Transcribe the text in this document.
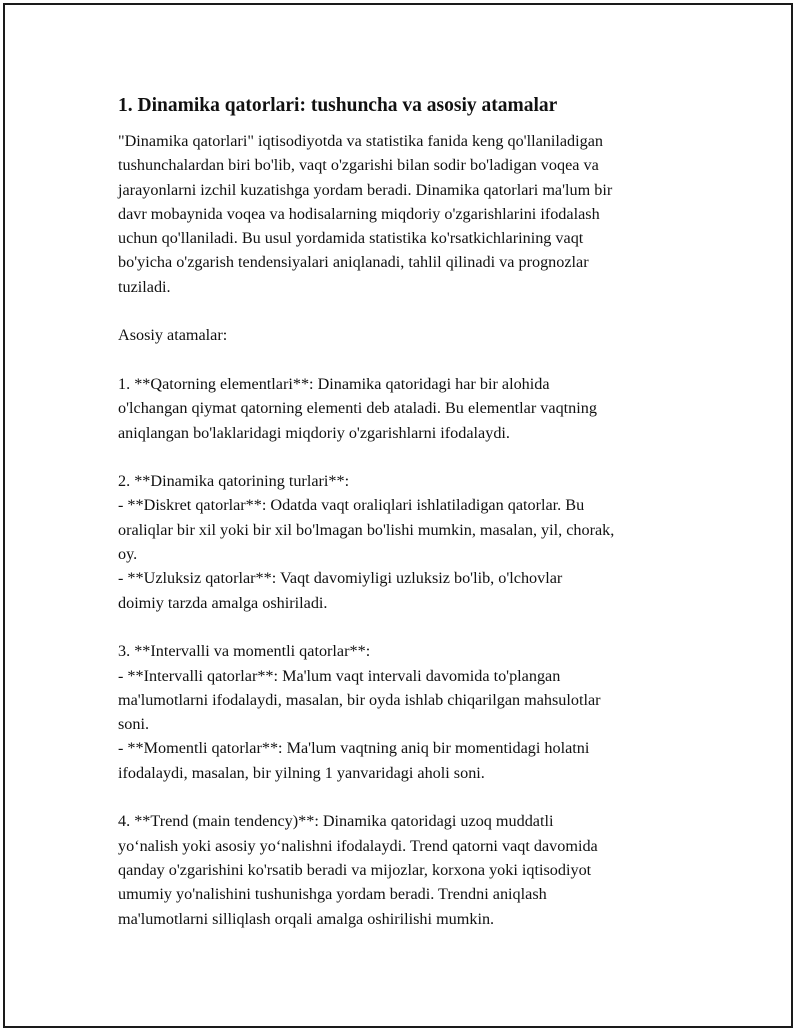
1. Dinamika qatorlari: tushuncha va asosiy atamalar

"Dinamika qatorlari" iqtisodiyotda va statistika fanida keng qo'llaniladigan
tushunchalardan biri bo'lib, vaqt o'zgarishi bilan sodir bo'ladigan voqea va
jarayonlarni izchil kuzatishga yordam beradi. Dinamika qatorlari ma'lum bir
davr mobaynida voqea va hodisalarning miqdoriy o'zgarishlarini ifodalash
uchun qo'llaniladi. Bu usul yordamida statistika ko'rsatkichlarining vaqt
bo'yicha o'zgarish tendensiyalari aniqlanadi, tahlil qilinadi va prognozlar
tuziladi.

Asosiy atamalar:

1. **Qatorning elementlari**: Dinamika qatoridagi har bir alohida
o'lchangan qiymat qatorning elementi deb ataladi. Bu elementlar vaqtning
aniqlangan bo'laklaridagi miqdoriy o'zgarishlarni ifodalaydi.

2. **Dinamika qatorining turlari**:
- **Diskret qatorlar**: Odatda vaqt oraliqlari ishlatiladigan qatorlar. Bu
oraliqlar bir xil yoki bir xil bo'lmagan bo'lishi mumkin, masalan, yil, chorak,
oy.
- **Uzluksiz qatorlar**: Vaqt davomiyligi uzluksiz bo'lib, o'lchovlar
doimiy tarzda amalga oshiriladi.

3. **Intervalli va momentli qatorlar**:
- **Intervalli qatorlar**: Ma'lum vaqt intervali davomida to'plangan
ma'lumotlarni ifodalaydi, masalan, bir oyda ishlab chiqarilgan mahsulotlar
soni.
- **Momentli qatorlar**: Ma'lum vaqtning aniq bir momentidagi holatni
ifodalaydi, masalan, bir yilning 1 yanvaridagi aholi soni.

4. **Trend (main tendency)**: Dinamika qatoridagi uzoq muddatli
yo‘nalish yoki asosiy yo‘nalishni ifodalaydi. Trend qatorni vaqt davomida
qanday o'zgarishini ko'rsatib beradi va mijozlar, korxona yoki iqtisodiyot
umumiy yo'nalishini tushunishga yordam beradi. Trendni aniqlash
ma'lumotlarni silliqlash orqali amalga oshirilishi mumkin.
